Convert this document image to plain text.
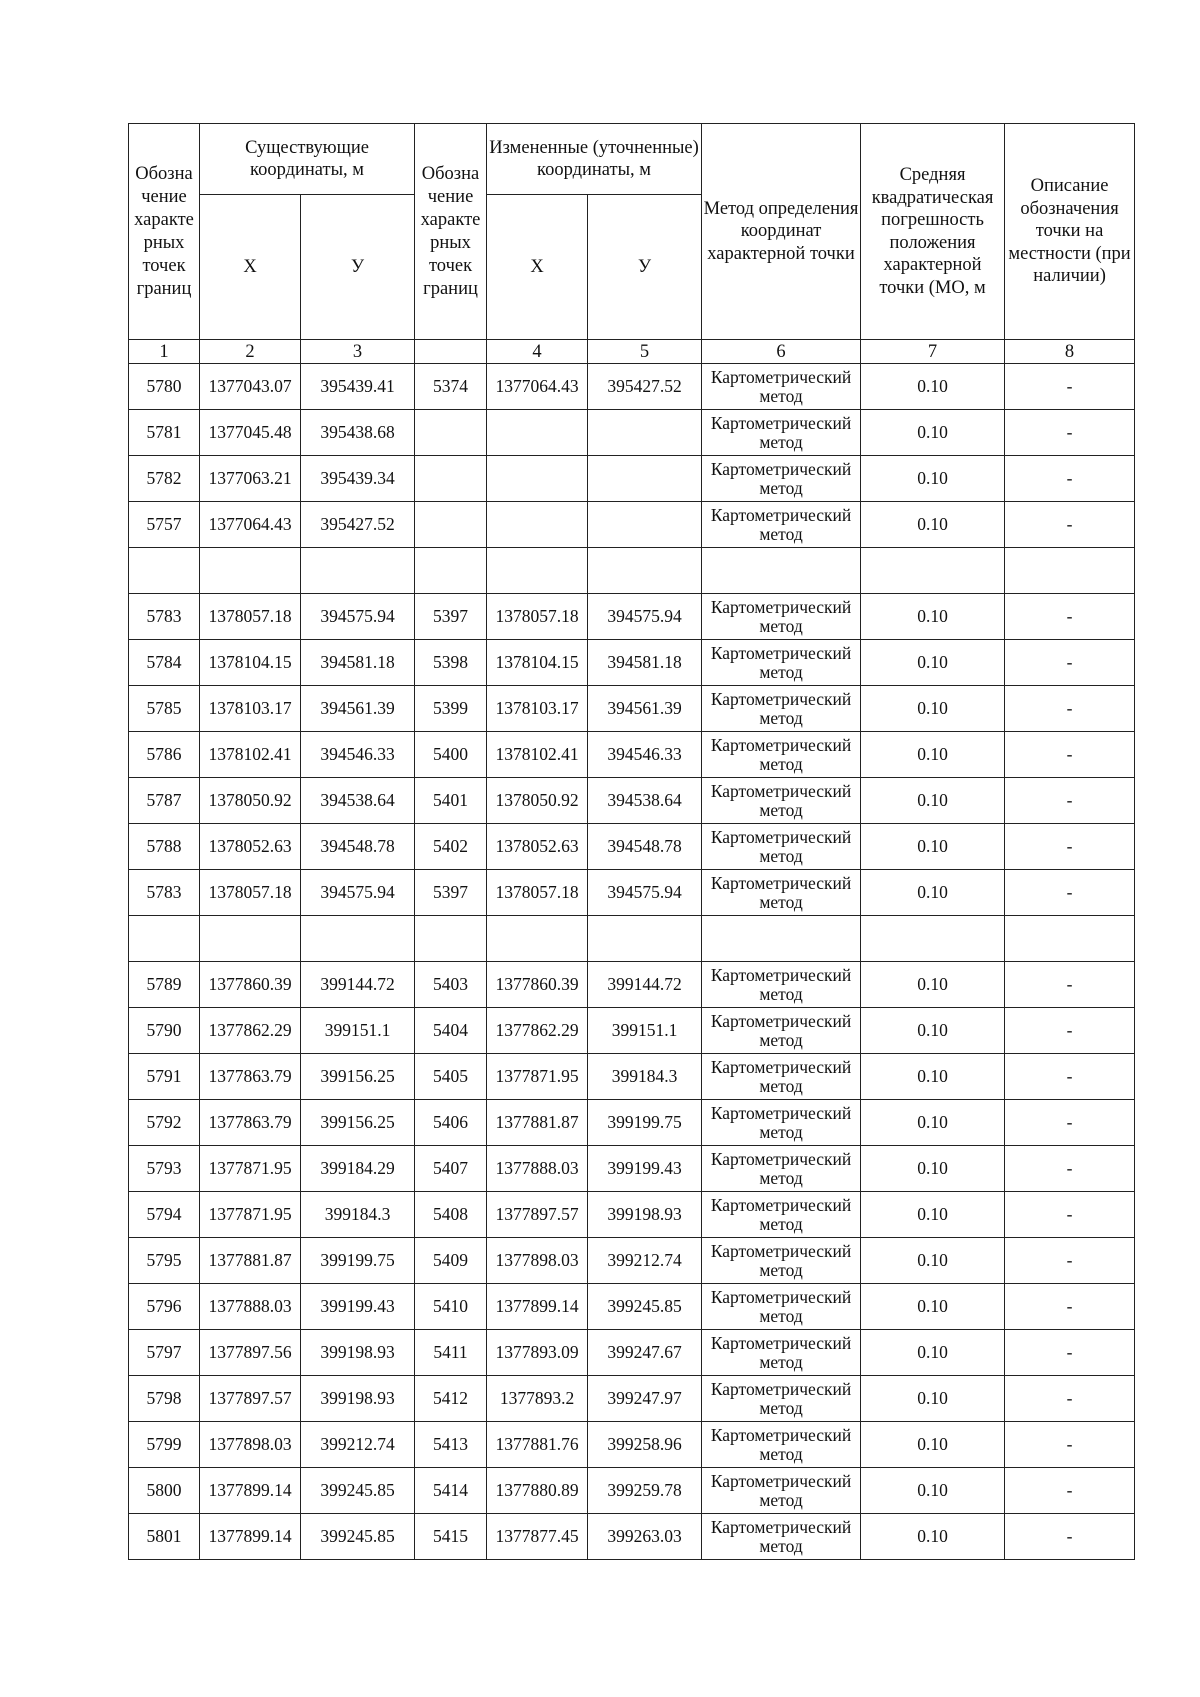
Обозна чение характе рных точек границ	Существующие координаты, м		Обозна чение характе рных точек границ	Измененные (уточненные) координаты, м		Метод определения координат характерной точки	Средняя квадратическая погрешность положения характерной точки (МО, м	Описание обозначения точки на местности (при наличии)
	Х	У		Х	У			
1	2	3		4	5	6	7	8
5780	1377043.07	395439.41	5374	1377064.43	395427.52	Картометрический метод	0.10	-
5781	1377045.48	395438.68				Картометрический метод	0.10	-
5782	1377063.21	395439.34				Картометрический метод	0.10	-
5757	1377064.43	395427.52				Картометрический метод	0.10	-

5783	1378057.18	394575.94	5397	1378057.18	394575.94	Картометрический метод	0.10	-
5784	1378104.15	394581.18	5398	1378104.15	394581.18	Картометрический метод	0.10	-
5785	1378103.17	394561.39	5399	1378103.17	394561.39	Картометрический метод	0.10	-
5786	1378102.41	394546.33	5400	1378102.41	394546.33	Картометрический метод	0.10	-
5787	1378050.92	394538.64	5401	1378050.92	394538.64	Картометрический метод	0.10	-
5788	1378052.63	394548.78	5402	1378052.63	394548.78	Картометрический метод	0.10	-
5783	1378057.18	394575.94	5397	1378057.18	394575.94	Картометрический метод	0.10	-

5789	1377860.39	399144.72	5403	1377860.39	399144.72	Картометрический метод	0.10	-
5790	1377862.29	399151.1	5404	1377862.29	399151.1	Картометрический метод	0.10	-
5791	1377863.79	399156.25	5405	1377871.95	399184.3	Картометрический метод	0.10	-
5792	1377863.79	399156.25	5406	1377881.87	399199.75	Картометрический метод	0.10	-
5793	1377871.95	399184.29	5407	1377888.03	399199.43	Картометрический метод	0.10	-
5794	1377871.95	399184.3	5408	1377897.57	399198.93	Картометрический метод	0.10	-
5795	1377881.87	399199.75	5409	1377898.03	399212.74	Картометрический метод	0.10	-
5796	1377888.03	399199.43	5410	1377899.14	399245.85	Картометрический метод	0.10	-
5797	1377897.56	399198.93	5411	1377893.09	399247.67	Картометрический метод	0.10	-
5798	1377897.57	399198.93	5412	1377893.2	399247.97	Картометрический метод	0.10	-
5799	1377898.03	399212.74	5413	1377881.76	399258.96	Картометрический метод	0.10	-
5800	1377899.14	399245.85	5414	1377880.89	399259.78	Картометрический метод	0.10	-
5801	1377899.14	399245.85	5415	1377877.45	399263.03	Картометрический метод	0.10	-
